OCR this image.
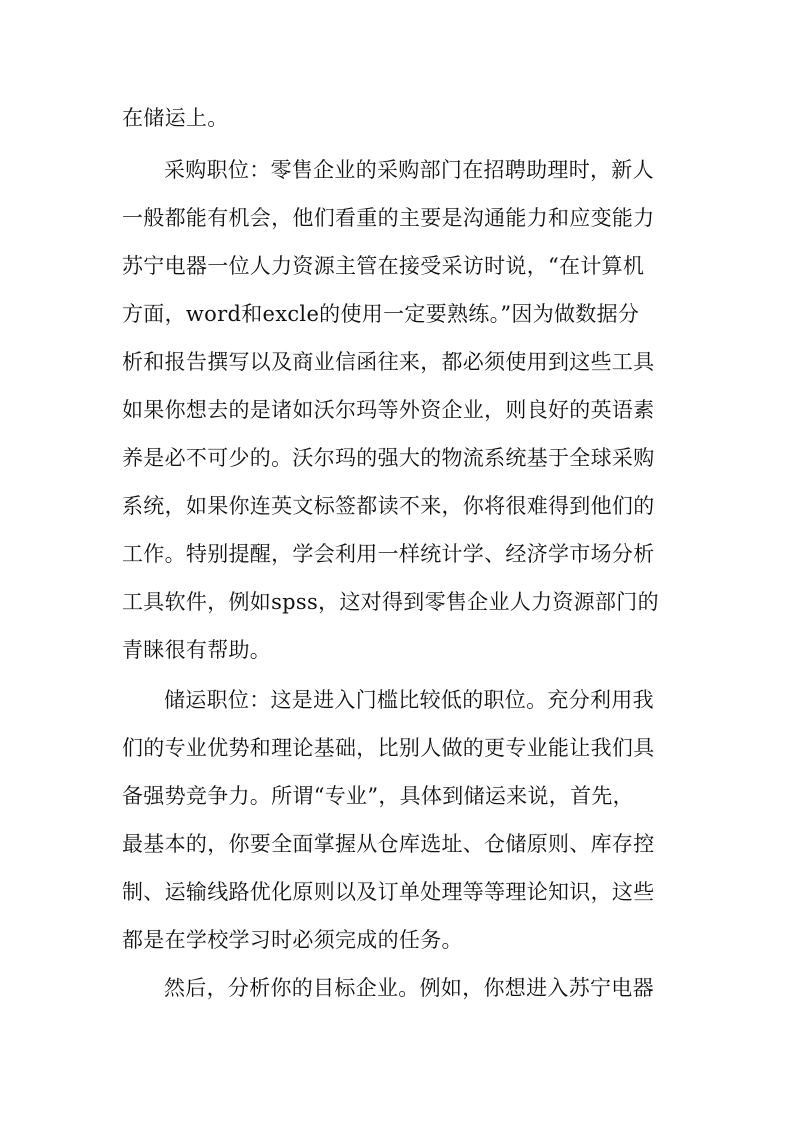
在储运上。
采购职位：零售企业的采购部门在招聘助理时，新人
一般都能有机会，他们看重的主要是沟通能力和应变能力
苏宁电器一位人力资源主管在接受采访时说，“在计算机
方面，word和excle的使用一定要熟练。”因为做数据分
析和报告撰写以及商业信函往来，都必须使用到这些工具
如果你想去的是诸如沃尔玛等外资企业，则良好的英语素
养是必不可少的。沃尔玛的强大的物流系统基于全球采购
系统，如果你连英文标签都读不来，你将很难得到他们的
工作。特别提醒，学会利用一样统计学、经济学市场分析
工具软件，例如spss，这对得到零售企业人力资源部门的
青睐很有帮助。
储运职位：这是进入门槛比较低的职位。充分利用我
们的专业优势和理论基础，比别人做的更专业能让我们具
备强势竞争力。所谓“专业”，具体到储运来说，首先，
最基本的，你要全面掌握从仓库选址、仓储原则、库存控
制、运输线路优化原则以及订单处理等等理论知识，这些
都是在学校学习时必须完成的任务。
然后，分析你的目标企业。例如，你想进入苏宁电器
